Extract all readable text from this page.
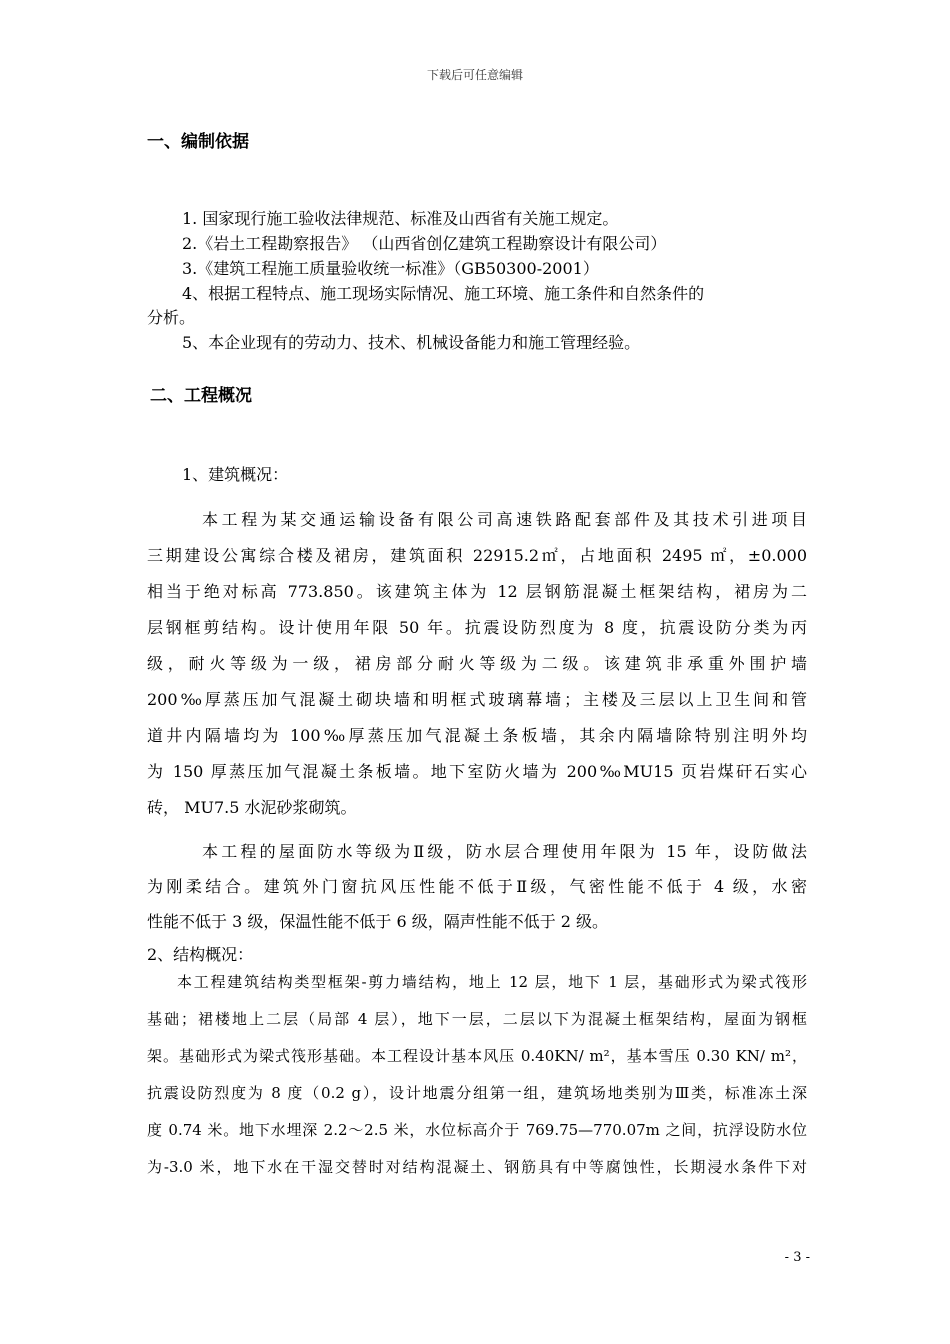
下载后可任意编辑
一、编制依据
1. 国家现行施工验收法律规范、标准及山西省有关施工规定。
2.《岩土工程勘察报告》 （山西省创亿建筑工程勘察设计有限公司）
3.《建筑工程施工质量验收统一标准》（GB50300-2001）
4、根据工程特点、施工现场实际情况、施工环境、施工条件和自然条件的
分析。
5、本企业现有的劳动力、技术、机械设备能力和施工管理经验。
二、工程概况
1、建筑概况：
本工程为某交通运输设备有限公司高速铁路配套部件及其技术引进项目
三期建设公寓综合楼及裙房，建筑面积 22915.2㎡，占地面积 2495 ㎡，±0.000
相当于绝对标高 773.850。该建筑主体为 12 层钢筋混凝土框架结构，裙房为二
层钢框剪结构。设计使用年限 50 年。抗震设防烈度为 8 度，抗震设防分类为丙
级，耐火等级为一级，裙房部分耐火等级为二级。该建筑非承重外围护墙
200‰厚蒸压加气混凝土砌块墙和明框式玻璃幕墙；主楼及三层以上卫生间和管
道井内隔墙均为 100‰厚蒸压加气混凝土条板墙，其余内隔墙除特别注明外均
为 150 厚蒸压加气混凝土条板墙。地下室防火墙为 200‰MU15 页岩煤矸石实心
砖， MU7.5 水泥砂浆砌筑。
本工程的屋面防水等级为Ⅱ级，防水层合理使用年限为 15 年，设防做法
为刚柔结合。建筑外门窗抗风压性能不低于Ⅱ级，气密性能不低于 4 级，水密
性能不低于 3 级，保温性能不低于 6 级，隔声性能不低于 2 级。
2、结构概况：
本工程建筑结构类型框架-剪力墙结构，地上 12 层，地下 1 层，基础形式为梁式筏形
基础；裙楼地上二层（局部 4 层），地下一层，二层以下为混凝土框架结构，屋面为钢框
架。基础形式为梁式筏形基础。本工程设计基本风压 0.40KN/ m²，基本雪压 0.30 KN/ m²，
抗震设防烈度为 8 度（0.2 g），设计地震分组第一组，建筑场地类别为Ⅲ类，标准冻土深
度 0.74 米。地下水埋深 2.2～2.5 米，水位标高介于 769.75—770.07m 之间，抗浮设防水位
为-3.0 米，地下水在干湿交替时对结构混凝土、钢筋具有中等腐蚀性，长期浸水条件下对
- 3 -
